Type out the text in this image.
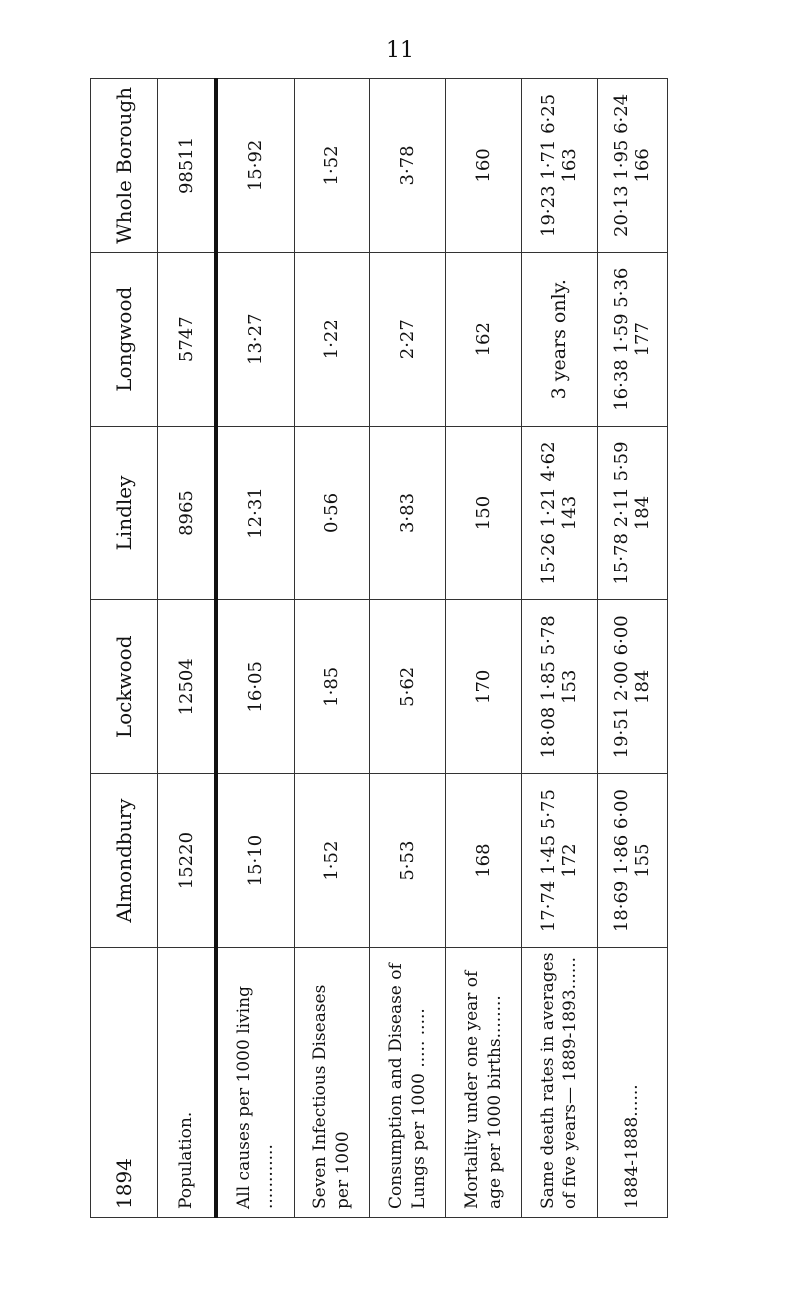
11
1894	Almondbury	Lockwood	Lindley	Longwood	Whole Borough
Population.	15220	12504	8965	5747	98511
All causes per 1000 living ............	15·10	16·05	12·31	13·27	15·92
Seven Infectious Diseases per 1000	1·52	1·85	0·56	1·22	1·52
Consumption and Disease of Lungs per 1000 ..... .....	5·53	5·62	3·83	2·27	3·78
Mortality under one year of age per 1000 births........	168	170	150	162	160
Same death rates in averages of five years— 1889-1893......	17·74 1·45 5·75 172	18·08 1·85 5·78 153	15·26 1·21 4·62 143	3 years only.	19·23 1·71 6·25 163
1884-1888......	18·69 1·86 6·00 155	19·51 2·00 6·00 184	15·78 2·11 5·59 184	16·38 1·59 5·36 177	20·13 1·95 6·24 166
